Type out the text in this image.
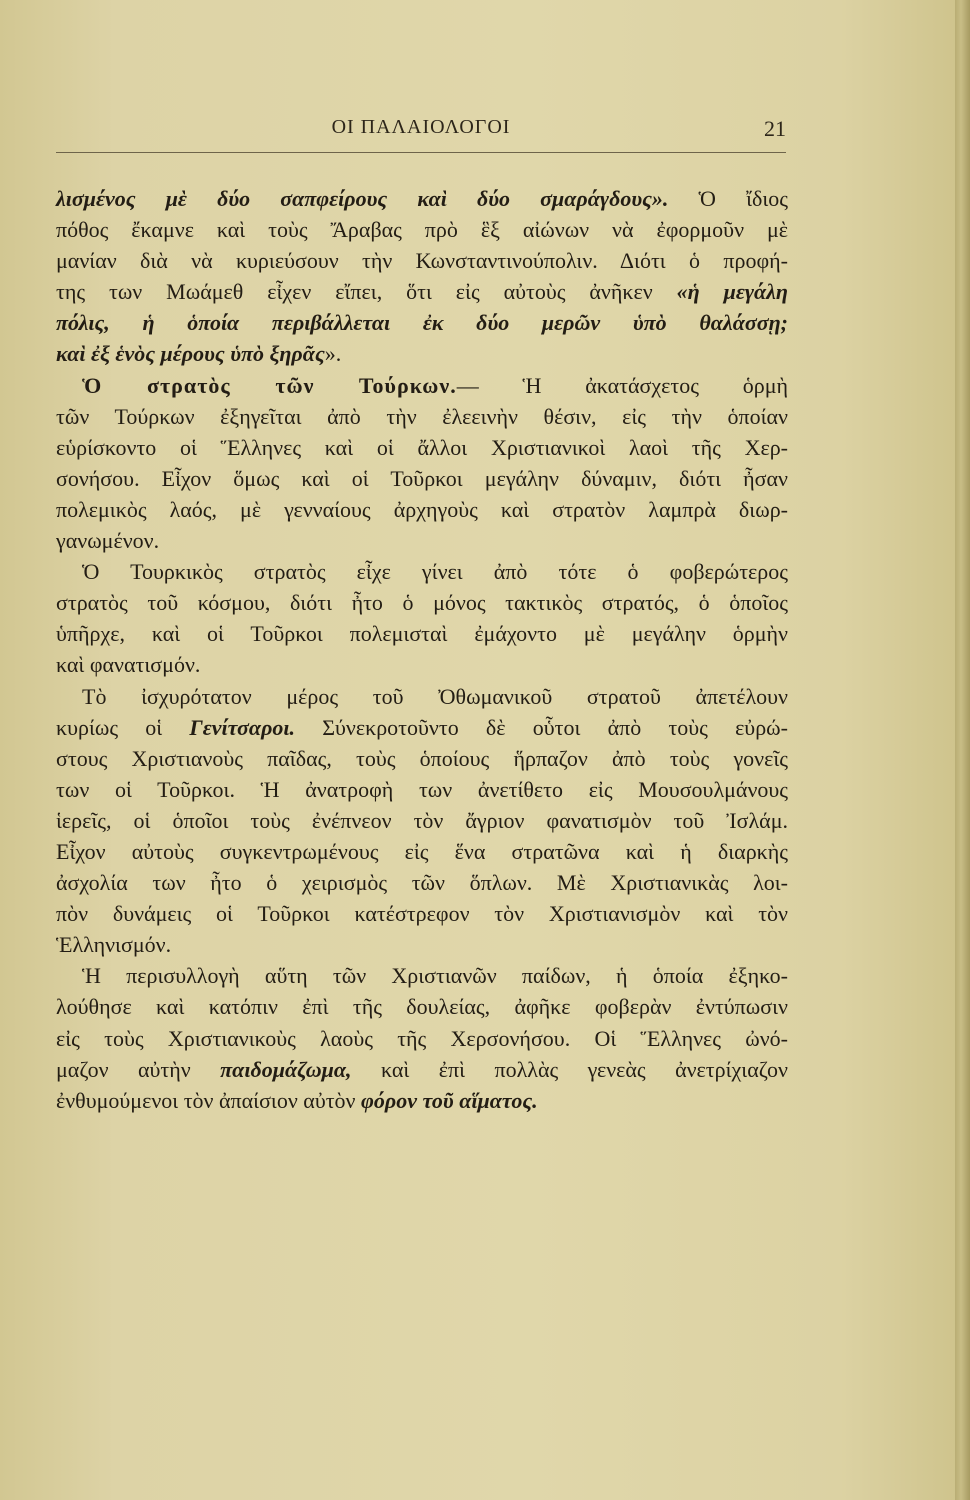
ΟΙ ΠΑΛΑΙΟΛΟΓΟΙ	21
λισμένος μὲ δύο σαπφείρους καὶ δύο σμαράγδους». Ὁ ἴδιος
πόθος ἔκαμνε καὶ τοὺς Ἄραβας πρὸ ἓξ αἰώνων νὰ ἐφορμοῦν μὲ
μανίαν διὰ νὰ κυριεύσουν τὴν Κωνσταντινούπολιν. Διότι ὁ προφή-
της των Μωάμεθ εἶχεν εἴπει, ὅτι εἰς αὐτοὺς ἀνῆκεν «ἡ μεγάλη
πόλις, ἡ ὁποία περιβάλλεται ἐκ δύο μερῶν ὑπὸ θαλάσσῃ;
καὶ ἐξ ἑνὸς μέρους ὑπὸ ξηρᾶς».
Ὁ στρατὸς τῶν Τούρκων.— Ἡ ἀκατάσχετος ὁρμὴ
τῶν Τούρκων ἐξηγεῖται ἀπὸ τὴν ἐλεεινὴν θέσιν, εἰς τὴν ὁποίαν
εὑρίσκοντο οἱ Ἕλληνες καὶ οἱ ἄλλοι Χριστιανικοὶ λαοὶ τῆς Χερ-
σονήσου. Εἶχον ὅμως καὶ οἱ Τοῦρκοι μεγάλην δύναμιν, διότι ἦσαν
πολεμικὸς λαός, μὲ γενναίους ἀρχηγοὺς καὶ στρατὸν λαμπρὰ διωρ-
γανωμένον.
Ὁ Τουρκικὸς στρατὸς εἶχε γίνει ἀπὸ τότε ὁ φοβερώτερος
στρατὸς τοῦ κόσμου, διότι ἦτο ὁ μόνος τακτικὸς στρατός, ὁ ὁποῖος
ὑπῆρχε, καὶ οἱ Τοῦρκοι πολεμισταὶ ἐμάχοντο μὲ μεγάλην ὁρμὴν
καὶ φανατισμόν.
Τὸ ἰσχυρότατον μέρος τοῦ Ὀθωμανικοῦ στρατοῦ ἀπετέλουν
κυρίως οἱ Γενίτσαροι. Σύνεκροτοῦντο δὲ οὗτοι ἀπὸ τοὺς εὐρώ-
στους Χριστιανοὺς παῖδας, τοὺς ὁποίους ἥρπαζον ἀπὸ τοὺς γονεῖς
των οἱ Τοῦρκοι. Ἡ ἀνατροφὴ των ἀνετίθετο εἰς Μουσουλμάνους
ἱερεῖς, οἱ ὁποῖοι τοὺς ἐνέπνεον τὸν ἄγριον φανατισμὸν τοῦ Ἰσλάμ.
Εἶχον αὐτοὺς συγκεντρωμένους εἰς ἕνα στρατῶνα καὶ ἡ διαρκὴς
ἀσχολία των ἦτο ὁ χειρισμὸς τῶν ὅπλων. Μὲ Χριστιανικὰς λοι-
πὸν δυνάμεις οἱ Τοῦρκοι κατέστρεφον τὸν Χριστιανισμὸν καὶ τὸν
Ἑλληνισμόν.
Ἡ περισυλλογὴ αὕτη τῶν Χριστιανῶν παίδων, ἡ ὁποία ἐξηκο-
λούθησε καὶ κατόπιν ἐπὶ τῆς δουλείας, ἀφῆκε φοβερὰν ἐντύπωσιν
εἰς τοὺς Χριστιανικοὺς λαοὺς τῆς Χερσονήσου. Οἱ Ἕλληνες ὠνό-
μαζον αὐτὴν παιδομάζωμα, καὶ ἐπὶ πολλὰς γενεὰς ἀνετρίχιαζον
ἐνθυμούμενοι τὸν ἀπαίσιον αὐτὸν φόρον τοῦ αἵματος.
